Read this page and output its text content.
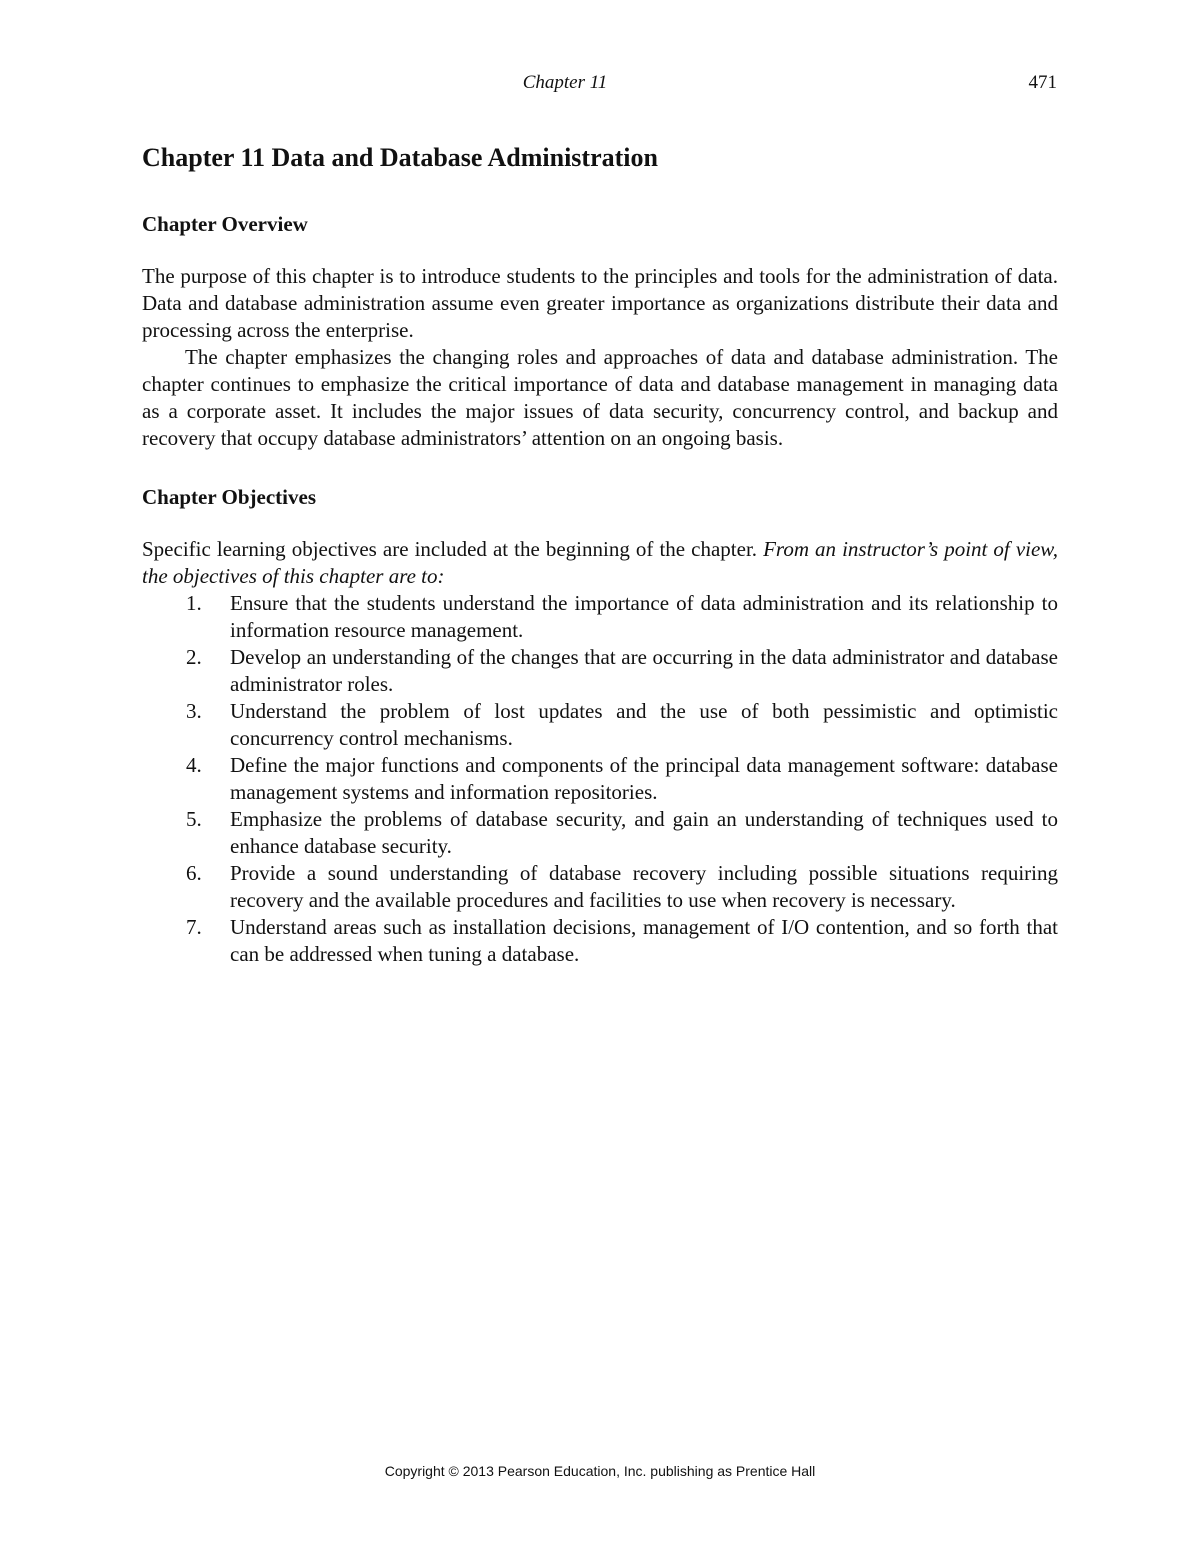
Chapter 11	471
Chapter 11 Data and Database Administration
Chapter Overview

The purpose of this chapter is to introduce students to the principles and tools for the administration of data. Data and database administration assume even greater importance as organizations distribute their data and processing across the enterprise.

The chapter emphasizes the changing roles and approaches of data and database administration. The chapter continues to emphasize the critical importance of data and database management in managing data as a corporate asset. It includes the major issues of data security, concurrency control, and backup and recovery that occupy database administrators’ attention on an ongoing basis.

Chapter Objectives

Specific learning objectives are included at the beginning of the chapter. From an instructor’s point of view, the objectives of this chapter are to:

1. Ensure that the students understand the importance of data administration and its relationship to information resource management.
2. Develop an understanding of the changes that are occurring in the data administrator and database administrator roles.
3. Understand the problem of lost updates and the use of both pessimistic and optimistic concurrency control mechanisms.
4. Define the major functions and components of the principal data management software: database management systems and information repositories.
5. Emphasize the problems of database security, and gain an understanding of techniques used to enhance database security.
6. Provide a sound understanding of database recovery including possible situations requiring recovery and the available procedures and facilities to use when recovery is necessary.
7. Understand areas such as installation decisions, management of I/O contention, and so forth that can be addressed when tuning a database.
Copyright © 2013 Pearson Education, Inc. publishing as Prentice Hall
